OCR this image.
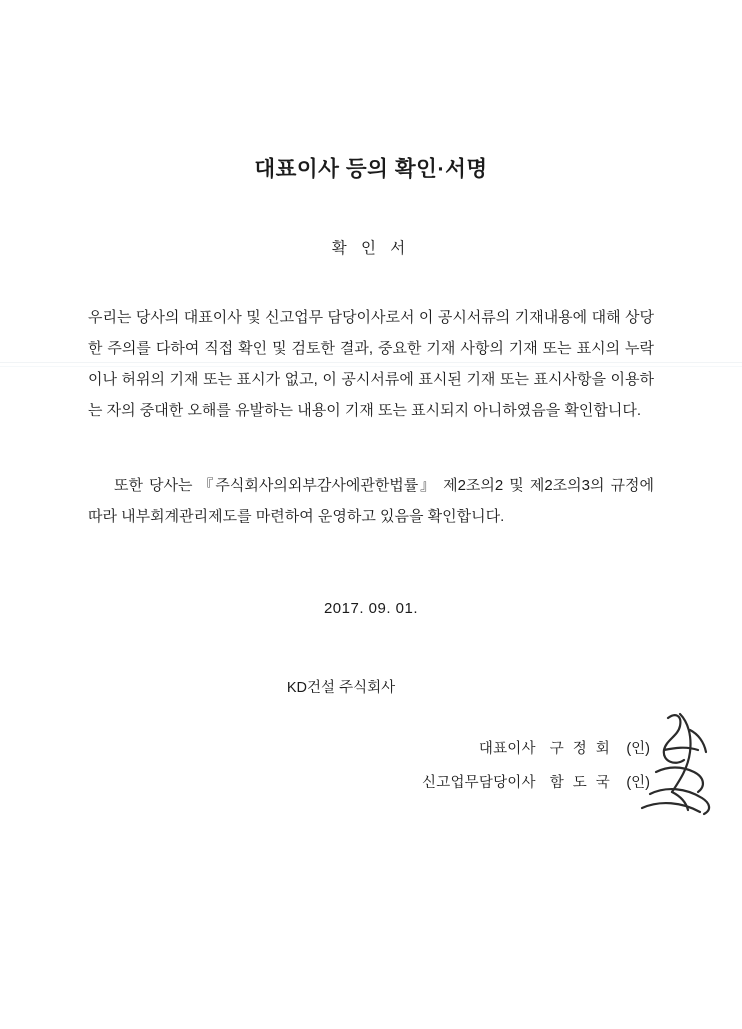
대표이사 등의 확인·서명
확 인 서
우리는 당사의 대표이사 및 신고업무 담당이사로서 이 공시서류의 기재내용에 대해 상당한 주의를 다하여 직접 확인 및 검토한 결과, 중요한 기재 사항의 기재 또는 표시의 누락이나 허위의 기재 또는 표시가 없고, 이 공시서류에 표시된 기재 또는 표시사항을 이용하는 자의 중대한 오해를 유발하는 내용이 기재 또는 표시되지 아니하였음을 확인합니다.
또한 당사는 『주식회사의외부감사에관한법률』 제2조의2 및 제2조의3의 규정에 따라 내부회계관리제도를 마련하여 운영하고 있음을 확인합니다.
2017. 09. 01.
KD건설 주식회사
대표이사 구 정 회 (인)
신고업무담당이사 함 도 국 (인)
